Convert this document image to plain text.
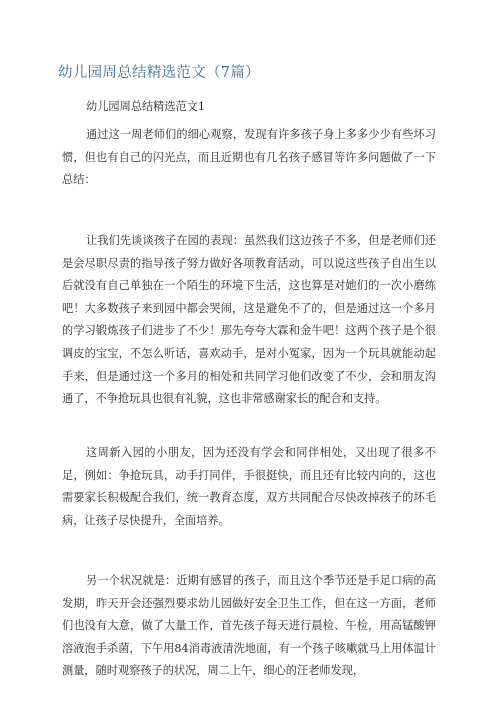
幼儿园周总结精选范文（7篇）
幼儿园周总结精选范文1

通过这一周老师们的细心观察，发现有许多孩子身上多多少少有些坏习惯，但也有自己的闪光点，而且近期也有几名孩子感冒等许多问题做了一下总结：

让我们先谈谈孩子在园的表现：虽然我们这边孩子不多，但是老师们还是会尽职尽责的指导孩子努力做好各项教育活动，可以说这些孩子自出生以后就没有自己单独在一个陌生的环境下生活，这也算是对她们的一次小磨练吧！大多数孩子来到园中都会哭闹，这是避免不了的，但是通过这一个多月的学习锻炼孩子们进步了不少！那先夸夸大霖和金牛吧！这两个孩子是个很调皮的宝宝，不怎么听话，喜欢动手，是对小冤家，因为一个玩具就能动起手来，但是通过这一个多月的相处和共同学习他们改变了不少，会和朋友沟通了，不争抢玩具也很有礼貌，这也非常感谢家长的配合和支持。

这周新入园的小朋友，因为还没有学会和同伴相处，又出现了很多不足，例如：争抢玩具，动手打同伴，手很挺快，而且还有比较内向的，这也需要家长积极配合我们，统一教育态度，双方共同配合尽快改掉孩子的坏毛病，让孩子尽快提升，全面培养。

另一个状况就是：近期有感冒的孩子，而且这个季节还是手足口病的高发期，昨天开会还强烈要求幼儿园做好安全卫生工作，但在这一方面，老师们也没有大意，做了大量工作，首先孩子每天进行晨检、午检，用高锰酸钾溶液泡手杀菌，下午用84消毒液清洗地面，有一个孩子咳嗽就马上用体温计测量，随时观察孩子的状况，周二上午，细心的汪老师发现，
